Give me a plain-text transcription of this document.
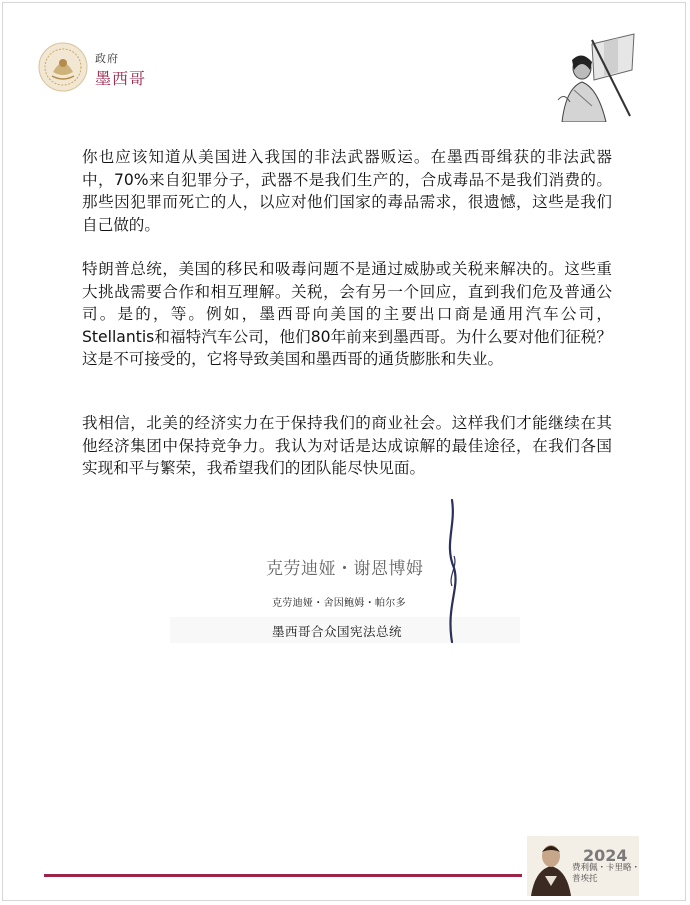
政府
墨西哥
你也应该知道从美国进入我国的非法武器贩运。在墨西哥缉获的非法武器中，70%来自犯罪分子，武器不是我们生产的，合成毒品不是我们消费的。那些因犯罪而死亡的人，以应对他们国家的毒品需求，很遗憾，这些是我们自己做的。
特朗普总统，美国的移民和吸毒问题不是通过威胁或关税来解决的。这些重大挑战需要合作和相互理解。关税，会有另一个回应，直到我们危及普通公司。是的，等。例如，墨西哥向美国的主要出口商是通用汽车公司，Stellantis和福特汽车公司，他们80年前来到墨西哥。为什么要对他们征税？这是不可接受的，它将导致美国和墨西哥的通货膨胀和失业。
我相信，北美的经济实力在于保持我们的商业社会。这样我们才能继续在其他经济集团中保持竞争力。我认为对话是达成谅解的最佳途径，在我们各国实现和平与繁荣，我希望我们的团队能尽快见面。
克劳迪娅・谢恩博姆
克劳迪娅・舍因鲍姆・帕尔多
墨西哥合众国宪法总统
2024
费利佩・卡里略・普埃托
